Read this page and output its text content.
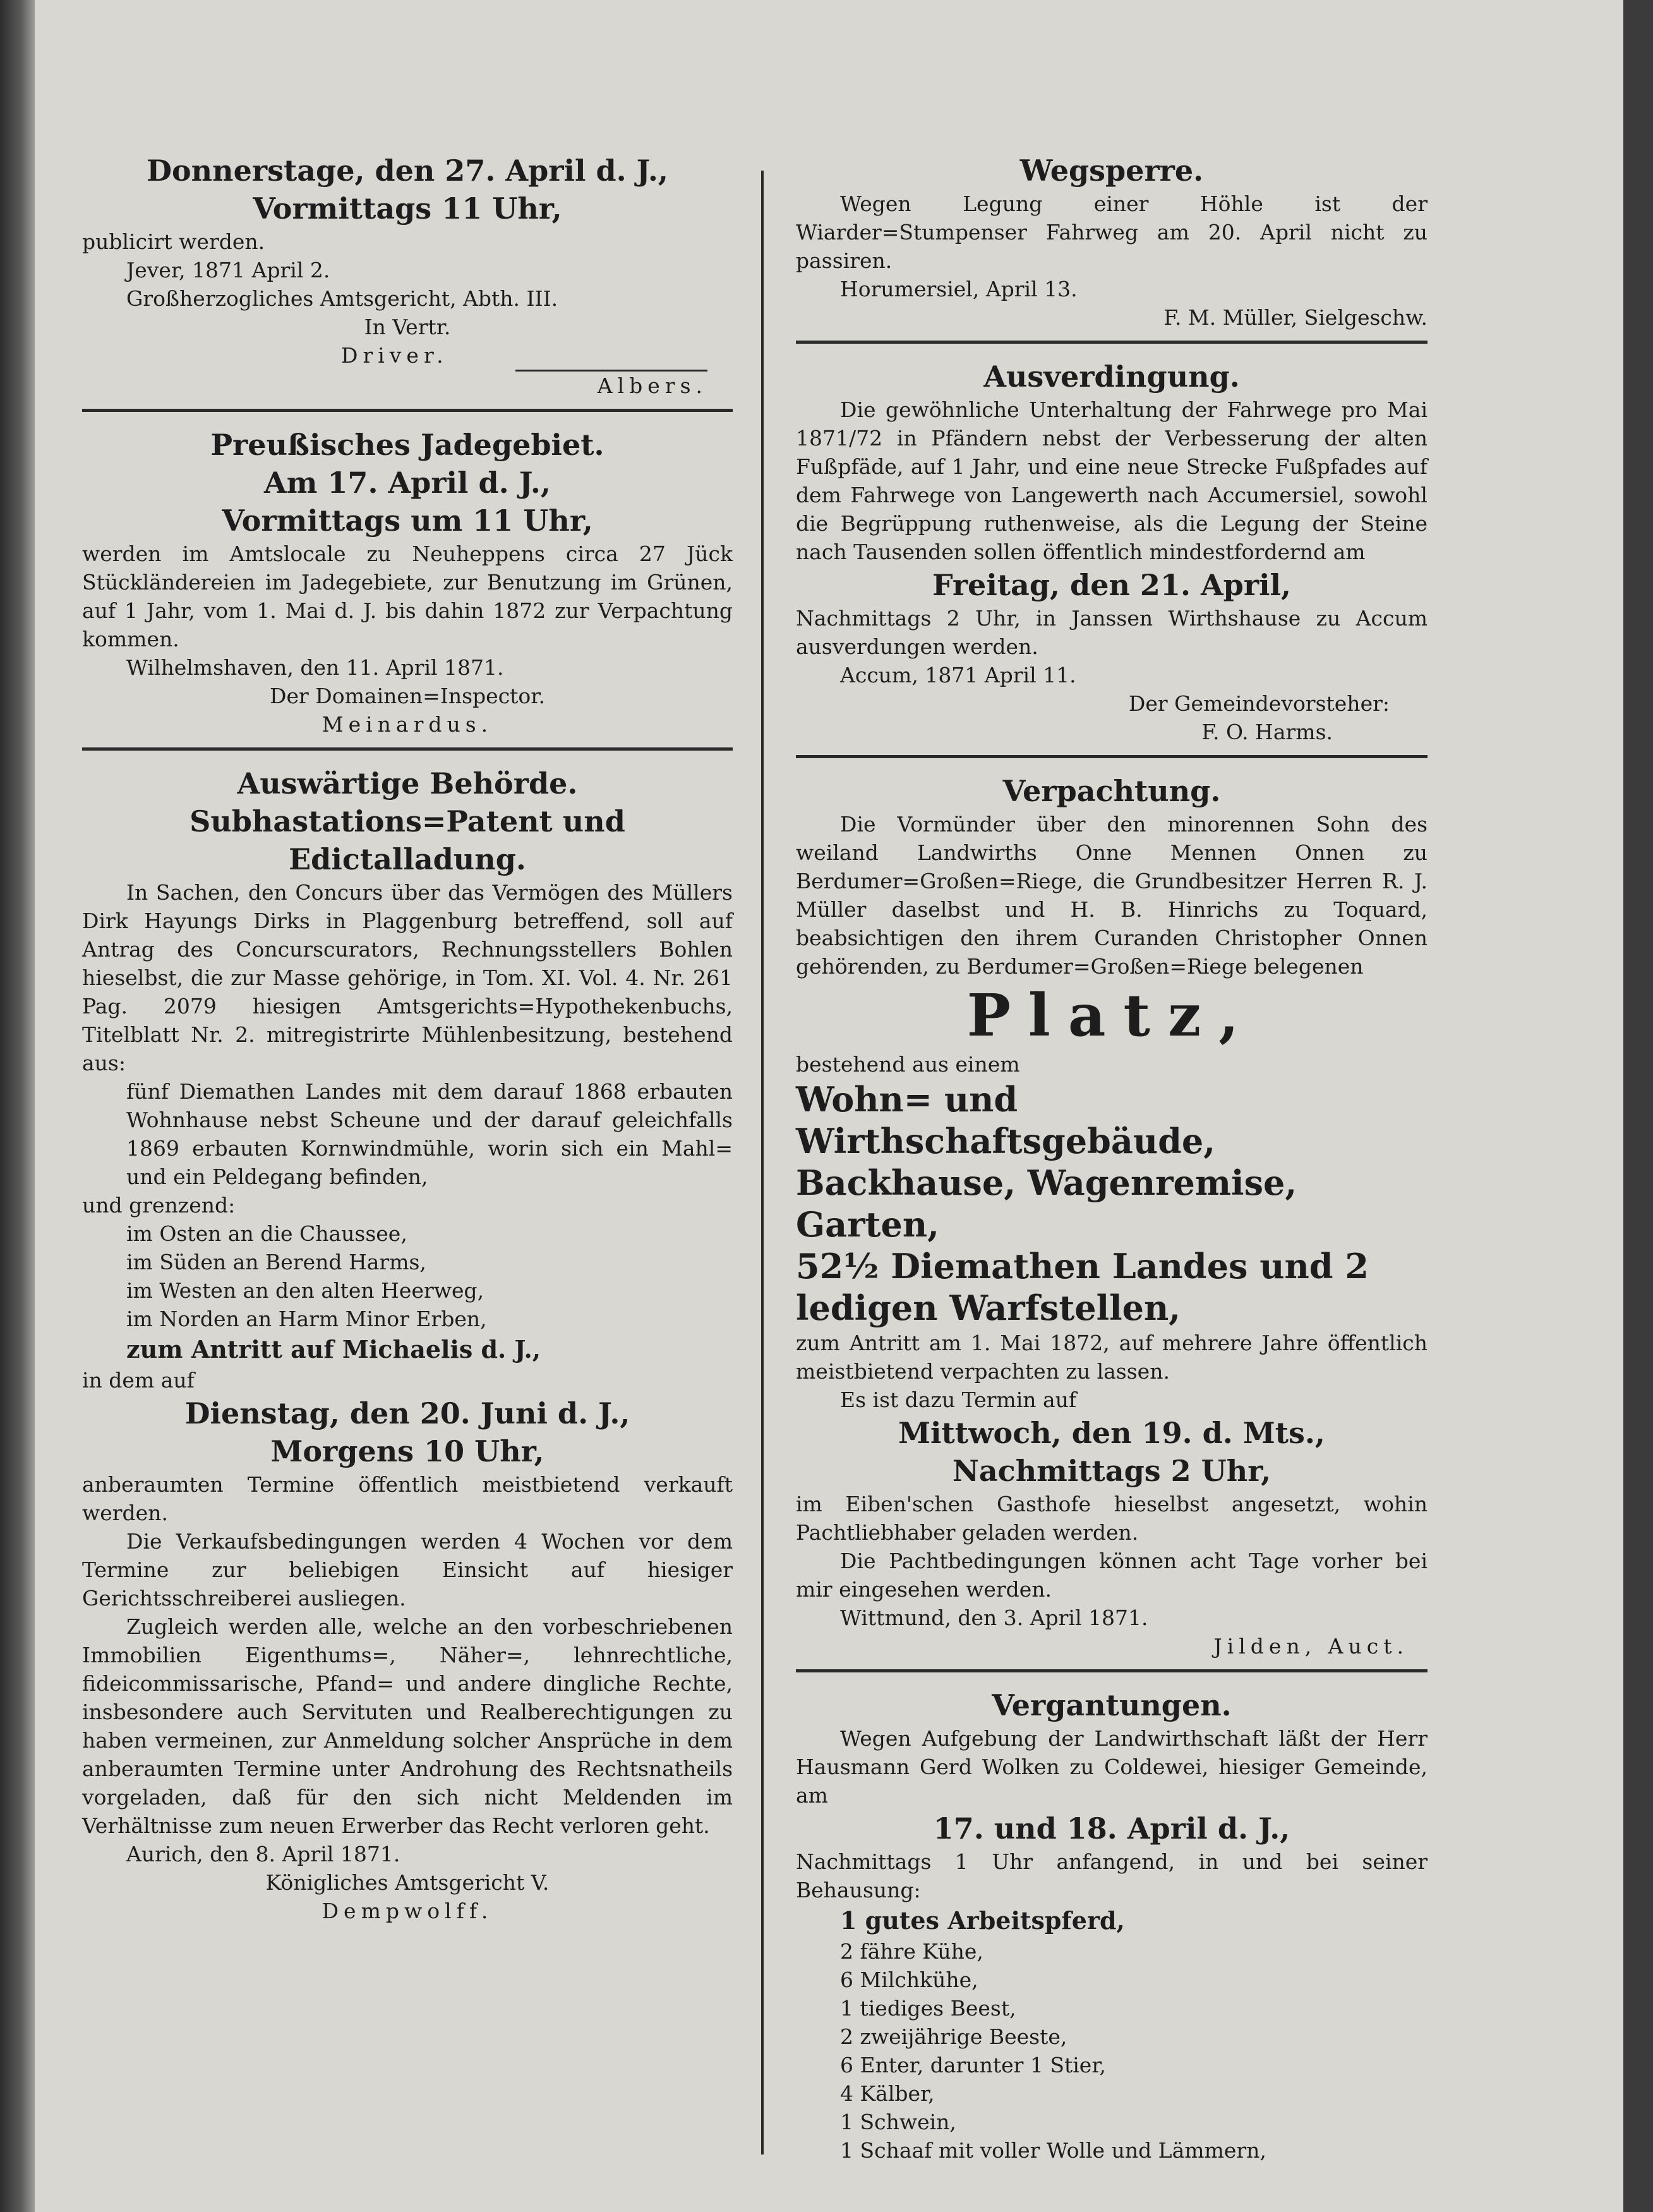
Donnerstage, den 27. April d. J.,
Vormittags 11 Uhr,

publicirt werden.

Jever, 1871 April 2.

Großherzogliches Amtsgericht, Abth. III.

In Vertr.

Driver.
Albers.
Preußisches Jadegebiet.
Am 17. April d. J.,
Vormittags um 11 Uhr,

werden im Amtslocale zu Neuheppens circa 27 Jück Stückländereien im Jadegebiete, zur Benutzung im Grünen, auf 1 Jahr, vom 1. Mai d. J. bis dahin 1872 zur Verpachtung kommen.

Wilhelmshaven, den 11. April 1871.

Der Domainen=Inspector.

Meinardus.

Auswärtige Behörde.
Subhastations=Patent und
Edictalladung.

In Sachen, den Concurs über das Vermögen des Müllers Dirk Hayungs Dirks in Plaggenburg betreffend, soll auf Antrag des Concurscurators, Rechnungsstellers Bohlen hieselbst, die zur Masse gehörige, in Tom. XI. Vol. 4. Nr. 261 Pag. 2079 hiesigen Amtsgerichts=Hypothekenbuchs, Titelblatt Nr. 2. mitregistrirte Mühlenbesitzung, bestehend aus:

fünf Diemathen Landes mit dem darauf 1868 erbauten Wohnhause nebst Scheune und der darauf geleichfalls 1869 erbauten Kornwindmühle, worin sich ein Mahl= und ein Peldegang befinden,

und grenzend:

im Osten an die Chaussee,

im Süden an Berend Harms,

im Westen an den alten Heerweg,

im Norden an Harm Minor Erben,

zum Antritt auf Michaelis d. J.,

in dem auf

Dienstag, den 20. Juni d. J.,
Morgens 10 Uhr,

anberaumten Termine öffentlich meistbietend verkauft werden.

Die Verkaufsbedingungen werden 4 Wochen vor dem Termine zur beliebigen Einsicht auf hiesiger Gerichtsschreiberei ausliegen.

Zugleich werden alle, welche an den vorbeschriebenen Immobilien Eigenthums=, Näher=, lehnrechtliche, fideicommissarische, Pfand= und andere dingliche Rechte, insbesondere auch Servituten und Realberechtigungen zu haben vermeinen, zur Anmeldung solcher Ansprüche in dem anberaumten Termine unter Androhung des Rechtsnatheils vorgeladen, daß für den sich nicht Meldenden im Verhältnisse zum neuen Erwerber das Recht verloren geht.

Aurich, den 8. April 1871.

Königliches Amtsgericht V.

Dempwolff.

Wegsperre.

Wegen Legung einer Höhle ist der Wiarder=Stumpenser Fahrweg am 20. April nicht zu passiren.

Horumersiel, April 13.

F. M. Müller, Sielgeschw.

Ausverdingung.

Die gewöhnliche Unterhaltung der Fahrwege pro Mai 1871/72 in Pfändern nebst der Verbesserung der alten Fußpfäde, auf 1 Jahr, und eine neue Strecke Fußpfades auf dem Fahrwege von Langewerth nach Accumersiel, sowohl die Begrüppung ruthenweise, als die Legung der Steine nach Tausenden sollen öffentlich mindestfordernd am

Freitag, den 21. April,

Nachmittags 2 Uhr, in Janssen Wirthshause zu Accum ausverdungen werden.

Accum, 1871 April 11.

Der Gemeindevorsteher:

F. O. Harms.

Verpachtung.

Die Vormünder über den minorennen Sohn des weiland Landwirths Onne Mennen Onnen zu Berdumer=Großen=Riege, die Grundbesitzer Herren R. J. Müller daselbst und H. B. Hinrichs zu Toquard, beabsichtigen den ihrem Curanden Christopher Onnen gehörenden, zu Berdumer=Großen=Riege belegenen

Platz,

bestehend aus einem

Wohn= und Wirthschaftsgebäude,
Backhause, Wagenremise, Garten,
52½ Diemathen Landes und 2
ledigen Warfstellen,

zum Antritt am 1. Mai 1872, auf mehrere Jahre öffentlich meistbietend verpachten zu lassen.

Es ist dazu Termin auf

Mittwoch, den 19. d. Mts.,
Nachmittags 2 Uhr,

im Eiben'schen Gasthofe hieselbst angesetzt, wohin Pachtliebhaber geladen werden.

Die Pachtbedingungen können acht Tage vorher bei mir eingesehen werden.

Wittmund, den 3. April 1871.

Jilden, Auct.

Vergantungen.

Wegen Aufgebung der Landwirthschaft läßt der Herr Hausmann Gerd Wolken zu Coldewei, hiesiger Gemeinde, am

17. und 18. April d. J.,

Nachmittags 1 Uhr anfangend, in und bei seiner Behausung:

1 gutes Arbeitspferd,

2 fähre Kühe,

6 Milchkühe,

1 tiediges Beest,

2 zweijährige Beeste,

6 Enter, darunter 1 Stier,

4 Kälber,

1 Schwein,

1 Schaaf mit voller Wolle und Lämmern,
